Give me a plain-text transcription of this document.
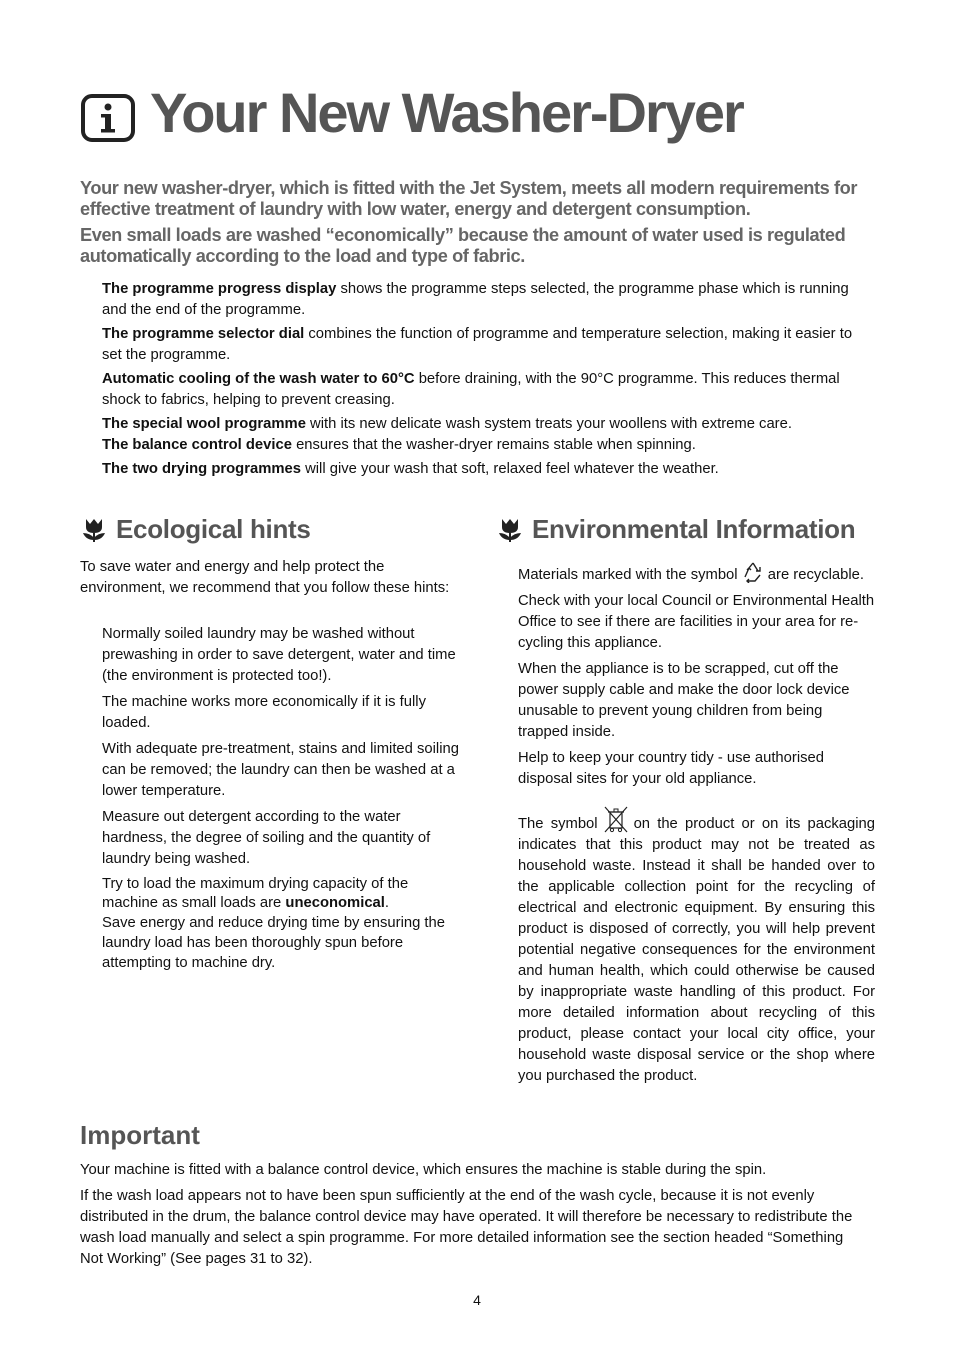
Your New Washer-Dryer

Your new washer-dryer, which is fitted with the Jet System, meets all modern requirements for effective treatment of laundry with low water, energy and detergent consumption.

Even small loads are washed “economically” because the amount of water used is regulated automatically according to the load and type of fabric.

The programme progress display shows the programme steps selected, the programme phase which is running and the end of the programme.

The programme selector dial combines the function of programme and temperature selection, making it easier to set the programme.

Automatic cooling of the wash water to 60°C before draining, with the 90°C programme. This reduces thermal shock to fabrics, helping to prevent creasing.

The special wool programme with its new delicate wash system treats your woollens with extreme care.

The balance control device ensures that the washer-dryer remains stable when spinning.

The two drying programmes will give your wash that soft, relaxed feel whatever the weather.

Ecological hints
To save water and energy and help protect the environment, we recommend that you follow these hints:

Normally soiled laundry may be washed without prewashing in order to save detergent, water and time (the environment is protected too!).

The machine works more economically if it is fully loaded.

With adequate pre-treatment, stains and limited soiling can be removed; the laundry can then be washed at a lower temperature.

Measure out detergent according to the water hardness, the degree of soiling and the quantity of laundry being washed.

Try to load the maximum drying capacity of the machine as small loads are uneconomical.

Save energy and reduce drying time by ensuring the laundry load has been thoroughly spun before attempting to machine dry.

Environmental Information

Materials marked with the symbol  are recyclable.

Check with your local Council or Environmental Health Office to see if there are facilities in your area for re-cycling this appliance.

When the appliance is to be scrapped, cut off the power supply cable and make the door lock device unusable to prevent young children from being trapped inside.

Help to keep your country tidy - use authorised disposal sites for your old appliance.

The symbol on the product or on its packaging indicates that this product may not be treated as household waste. Instead it shall be handed over to the applicable collection point for the recycling of electrical and electronic equipment. By ensuring this product is disposed of correctly, you will help prevent potential negative consequences for the environment and human health, which could otherwise be caused by inappropriate waste handling of this product. For more detailed information about recycling of this product, please contact your local city office, your household waste disposal service or the shop where you purchased the product.

Important

Your machine is fitted with a balance control device, which ensures the machine is stable during the spin.

If the wash load appears not to have been spun sufficiently at the end of the wash cycle, because it is not evenly distributed in the drum, the balance control device may have operated. It will therefore be necessary to redistribute the wash load manually and select a spin programme. For more detailed information see the section headed “Something Not Working” (See pages 31 to 32).

4
